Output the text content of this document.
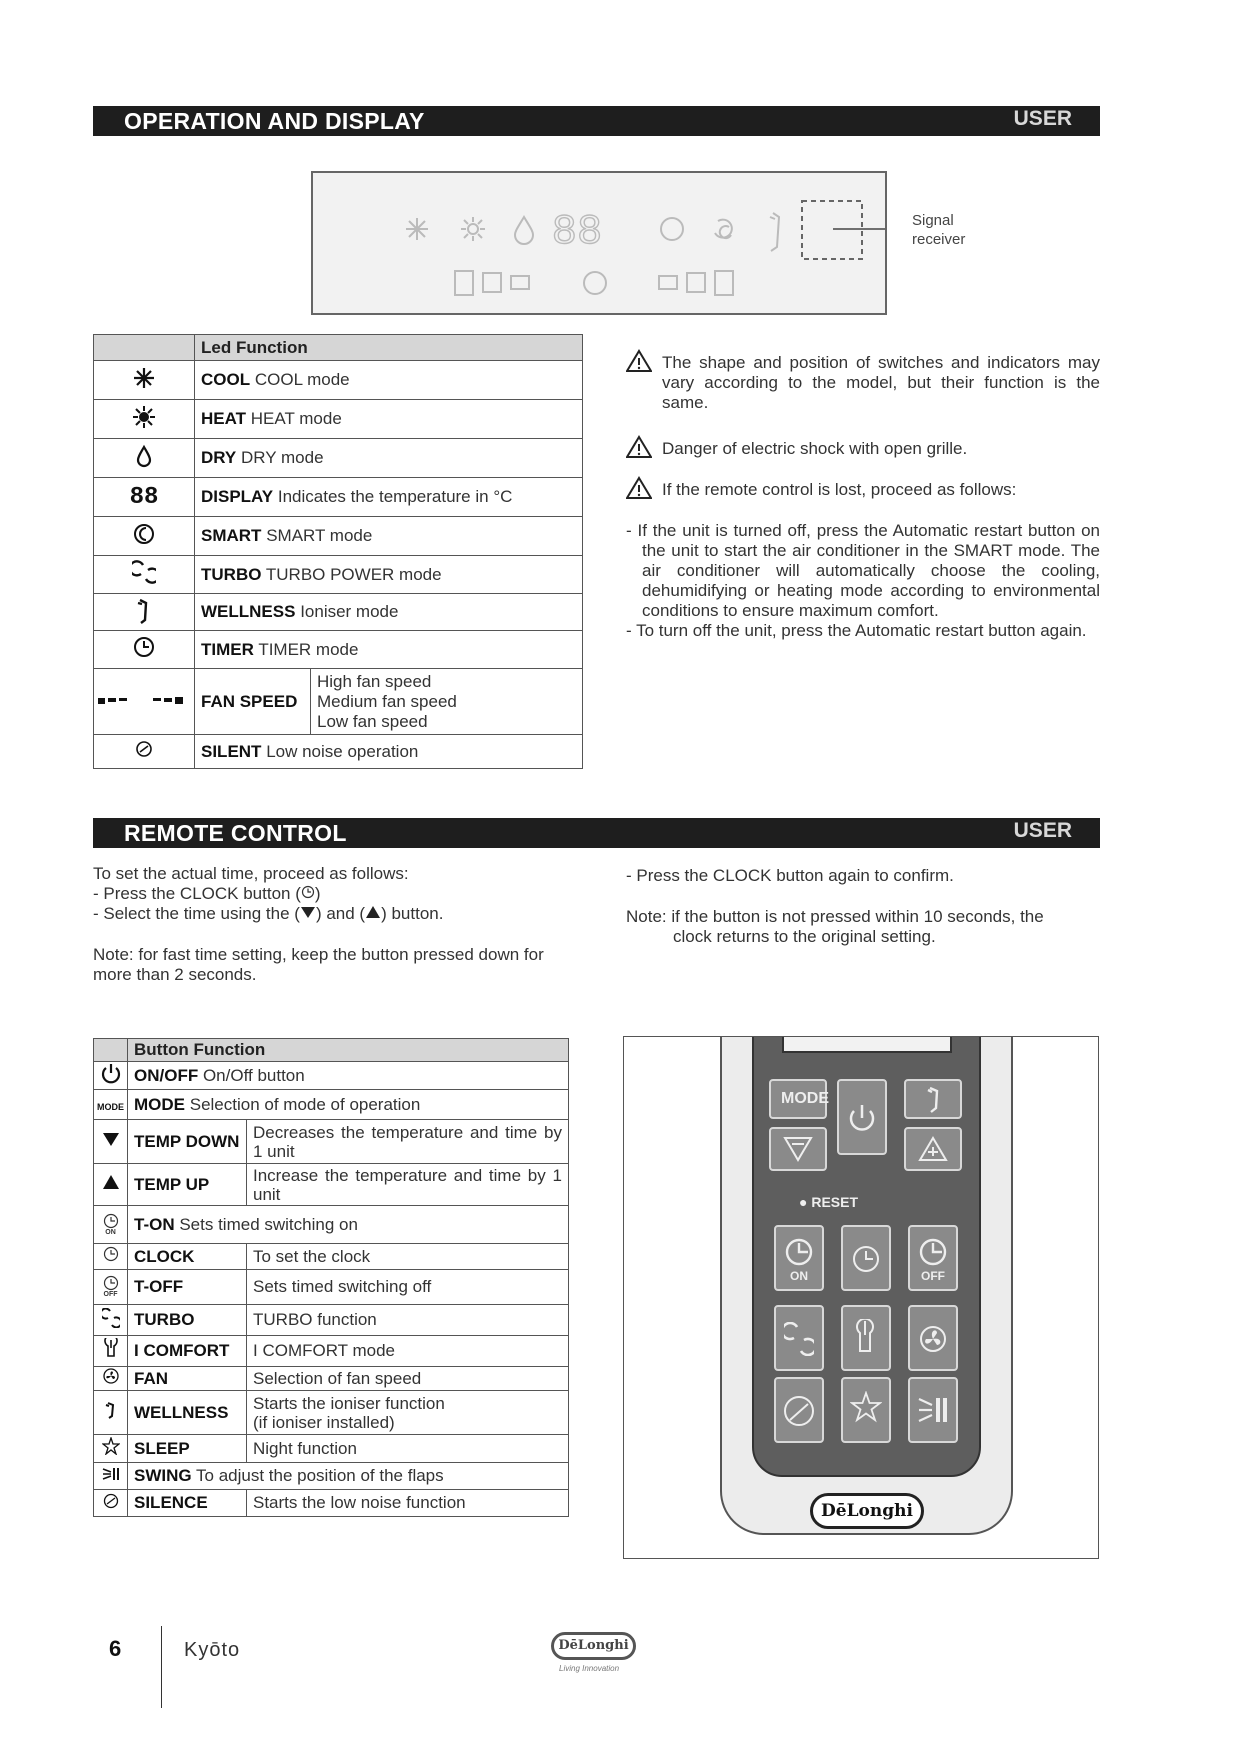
OPERATION AND DISPLAY	USER
88	Signal
receiver
	Led Function	
	COOL COOL mode	
	HEAT HEAT mode	
	DRY DRY mode	
88	DISPLAY Indicates the temperature in °C	
	SMART SMART mode	
	TURBO TURBO POWER mode	
	WELLNESS Ioniser mode	
	TIMER TIMER mode	
	FAN SPEED	High fan speed
Medium fan speed
Low fan speed

	SILENT Low noise operation	
The shape and position of switches and indicators may vary according to the model, but their function is the same.
Danger of electric shock with open grille.
If the remote control is lost, proceed as follows:
- If the unit is turned off, press the Automatic restart button on the unit to start the air conditioner in the SMART mode. The air conditioner will automatically choose the cooling, dehumidifying or heating mode according to environmental conditions to ensure maximum comfort.
- To turn off the unit, press the Automatic restart button again.
REMOTE CONTROL	USER
To set the actual time, proceed as follows:
- Press the CLOCK button ( )
- Select the time using the ( ) and ( ) button.
Note: for fast time setting, keep the button pressed down for more than 2 seconds.
- Press the CLOCK button again to confirm.
Note: if the button is not pressed within 10 seconds, the
clock returns to the original setting.
	Button Function	
	ON/OFF On/Off button	
MODE	MODE Selection of mode of operation	
	TEMP DOWN	Decreases the temperature and time by 1 unit
	TEMP UP	Increase the temperature and time by 1 unit

ON	T-ON Sets timed switching on	
	CLOCK	To set the clock

OFF	T-OFF	Sets timed switching off
	TURBO	TURBO function
	I COMFORT	I COMFORT mode
	FAN	Selection of fan speed
	WELLNESS	Starts the ioniser function
(if ioniser installed)

	SLEEP	Night function
	SWING To adjust the position of the flaps	
	SILENCE	Starts the low noise function
MODE
● RESET
ON	OFF
DēLonghi
6	Kyōto	DēLonghi
Living Innovation
